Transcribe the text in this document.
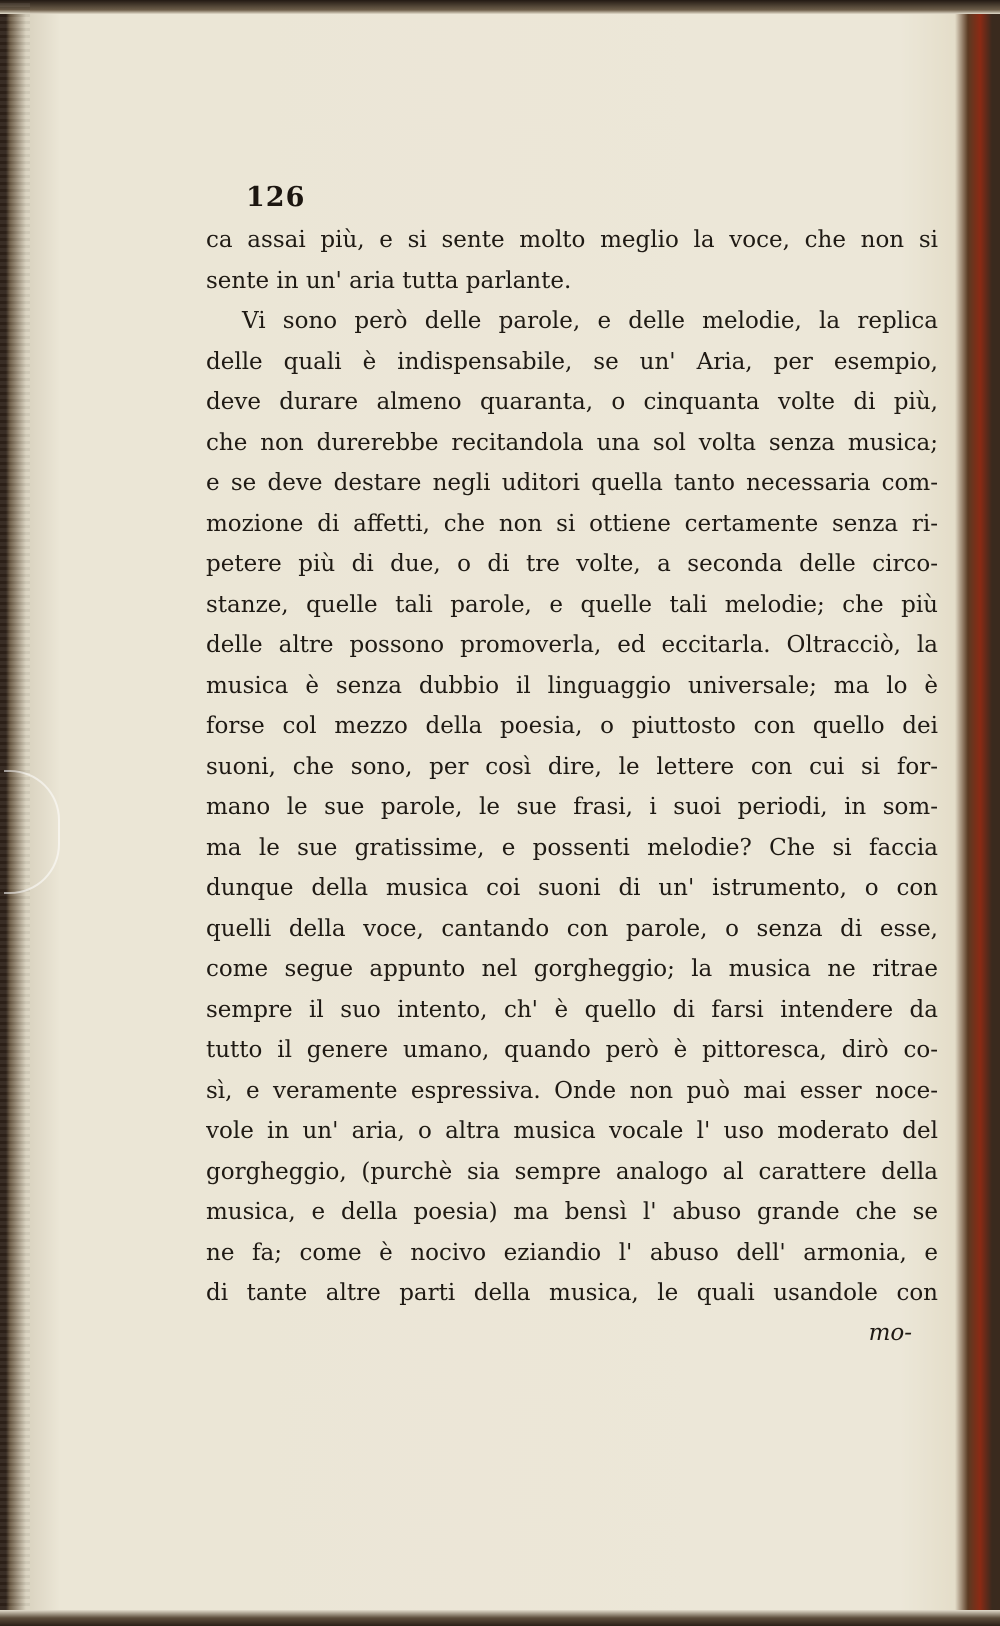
126
ca assai più, e si sente molto meglio la voce, che non si
sente in un' aria tutta parlante.
Vi sono però delle parole, e delle melodie, la replica
delle quali è indispensabile, se un' Aria, per esempio,
deve durare almeno quaranta, o cinquanta volte di più,
che non durerebbe recitandola una sol volta senza musica;
e se deve destare negli uditori quella tanto necessaria com-
mozione di affetti, che non si ottiene certamente senza ri-
petere più di due, o di tre volte, a seconda delle circo-
stanze, quelle tali parole, e quelle tali melodie; che più
delle altre possono promoverla, ed eccitarla. Oltracciò, la
musica è senza dubbio il linguaggio universale; ma lo è
forse col mezzo della poesia, o piuttosto con quello dei
suoni, che sono, per così dire, le lettere con cui si for-
mano le sue parole, le sue frasi, i suoi periodi, in som-
ma le sue gratissime, e possenti melodie? Che si faccia
dunque della musica coi suoni di un' istrumento, o con
quelli della voce, cantando con parole, o senza di esse,
come segue appunto nel gorgheggio; la musica ne ritrae
sempre il suo intento, ch' è quello di farsi intendere da
tutto il genere umano, quando però è pittoresca, dirò co-
sì, e veramente espressiva. Onde non può mai esser noce-
vole in un' aria, o altra musica vocale l' uso moderato del
gorgheggio, (purchè sia sempre analogo al carattere della
musica, e della poesia) ma bensì l' abuso grande che se
ne fa; come è nocivo eziandio l' abuso dell' armonia, e
di tante altre parti della musica, le quali usandole con
mo-
